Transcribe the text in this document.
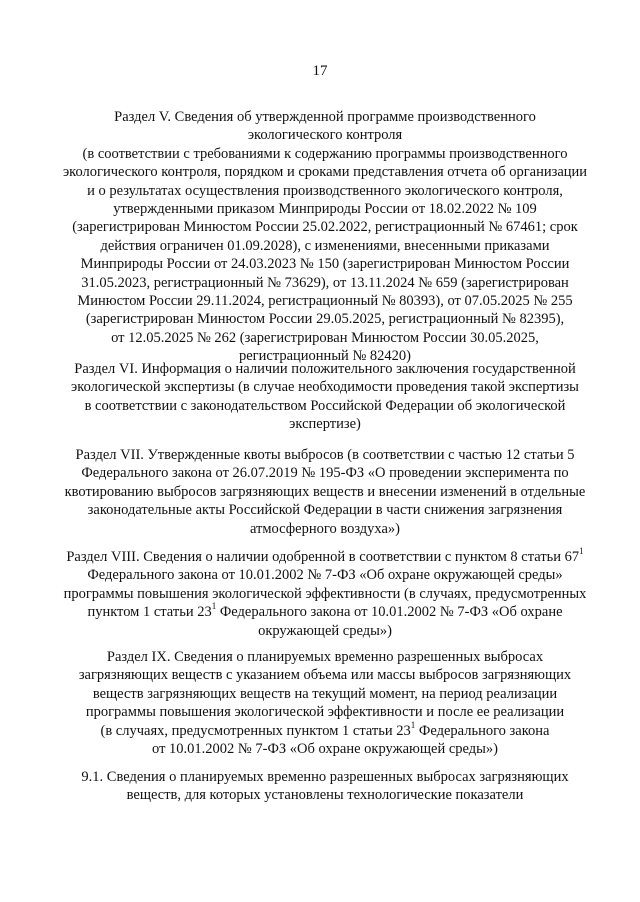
17
Раздел V. Сведения об утвержденной программе производственного
экологического контроля
(в соответствии с требованиями к содержанию программы производственного
экологического контроля, порядком и сроками представления отчета об организации
и о результатах осуществления производственного экологического контроля,
утвержденными приказом Минприроды России от 18.02.2022 № 109
(зарегистрирован Минюстом России 25.02.2022, регистрационный № 67461; срок
действия ограничен 01.09.2028), с изменениями, внесенными приказами
Минприроды России от 24.03.2023 № 150 (зарегистрирован Минюстом России
31.05.2023, регистрационный № 73629), от 13.11.2024 № 659 (зарегистрирован
Минюстом России 29.11.2024, регистрационный № 80393), от 07.05.2025 № 255
(зарегистрирован Минюстом России 29.05.2025, регистрационный № 82395),
от 12.05.2025 № 262 (зарегистрирован Минюстом России 30.05.2025,
регистрационный № 82420)
Раздел VI. Информация о наличии положительного заключения государственной
экологической экспертизы (в случае необходимости проведения такой экспертизы
в соответствии с законодательством Российской Федерации об экологической
экспертизе)
Раздел VII. Утвержденные квоты выбросов (в соответствии с частью 12 статьи 5
Федерального закона от 26.07.2019 № 195-ФЗ «О проведении эксперимента по
квотированию выбросов загрязняющих веществ и внесении изменений в отдельные
законодательные акты Российской Федерации в части снижения загрязнения
атмосферного воздуха»)
Раздел VIII. Сведения о наличии одобренной в соответствии с пунктом 8 статьи $67^1$
Федерального закона от 10.01.2002 № 7-ФЗ «Об охране окружающей среды»
программы повышения экологической эффективности (в случаях, предусмотренных
пунктом 1 статьи $23^1$ Федерального закона от 10.01.2002 № 7-ФЗ «Об охране
окружающей среды»)
Раздел IX. Сведения о планируемых временно разрешенных выбросах
загрязняющих веществ с указанием объема или массы выбросов загрязняющих
веществ загрязняющих веществ на текущий момент, на период реализации
программы повышения экологической эффективности и после ее реализации
(в случаях, предусмотренных пунктом 1 статьи $23^1$ Федерального закона
от 10.01.2002 № 7-ФЗ «Об охране окружающей среды»)
9.1. Сведения о планируемых временно разрешенных выбросах загрязняющих
веществ, для которых установлены технологические показатели
